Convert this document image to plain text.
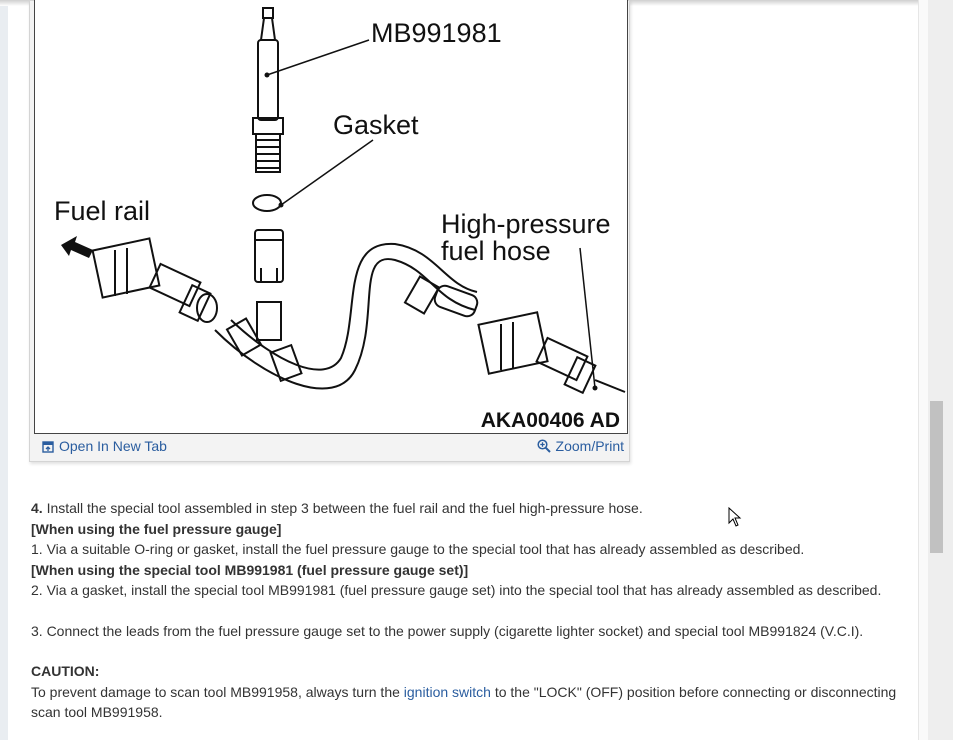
MB991981
Gasket
Fuel rail	High-pressure
fuel hose
AKA00406 AD
Open In New Tab	Zoom/Print

4. Install the special tool assembled in step 3 between the fuel rail and the fuel high-pressure hose.

[When using the fuel pressure gauge]

1. Via a suitable O-ring or gasket, install the fuel pressure gauge to the special tool that has already assembled as described.

[When using the special tool MB991981 (fuel pressure gauge set)]

2. Via a gasket, install the special tool MB991981 (fuel pressure gauge set) into the special tool that has already assembled as described.

3. Connect the leads from the fuel pressure gauge set to the power supply (cigarette lighter socket) and special tool MB991824 (V.C.I).

CAUTION:

To prevent damage to scan tool MB991958, always turn the ignition switch to the "LOCK" (OFF) position before connecting or disconnecting scan tool MB991958.
